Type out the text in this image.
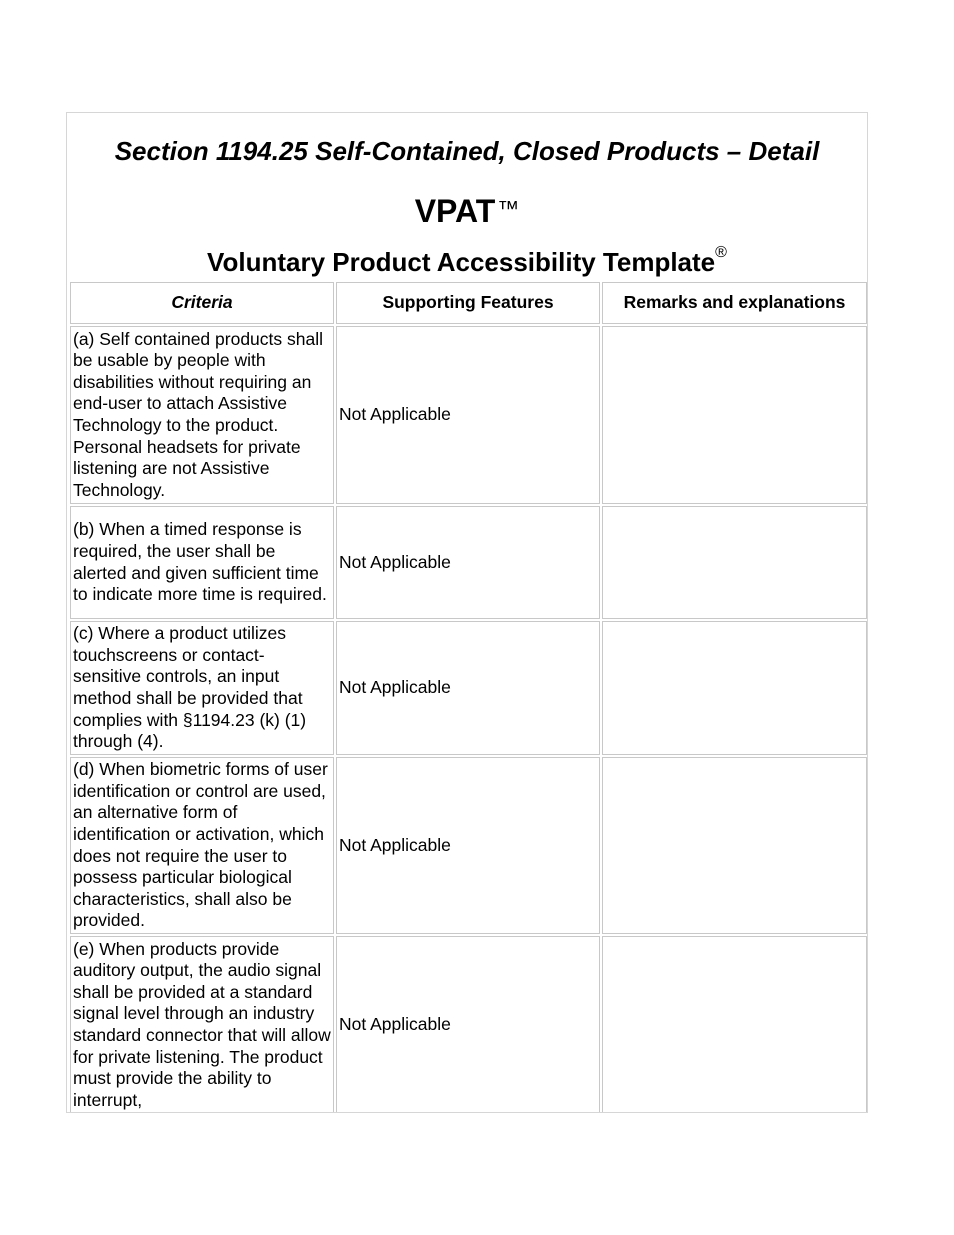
Section 1194.25 Self-Contained, Closed Products – Detail
VPAT™
Voluntary Product Accessibility Template®
Criteria	Supporting Features	Remarks and explanations
(a) Self contained products shall be usable by people with disabilities without requiring an end-user to attach Assistive Technology to the product. Personal headsets for private listening are not Assistive Technology.	Not Applicable	
(b) When a timed response is required, the user shall be alerted and given sufficient time to indicate more time is required.	Not Applicable	
(c) Where a product utilizes touchscreens or contact-sensitive controls, an input method shall be provided that complies with §1194.23 (k) (1) through (4).	Not Applicable	
(d) When biometric forms of user identification or control are used, an alternative form of identification or activation, which does not require the user to possess particular biological characteristics, shall also be provided.	Not Applicable	
(e) When products provide auditory output, the audio signal shall be provided at a standard signal level through an industry standard connector that will allow for private listening. The product must provide the ability to interrupt,	Not Applicable	
